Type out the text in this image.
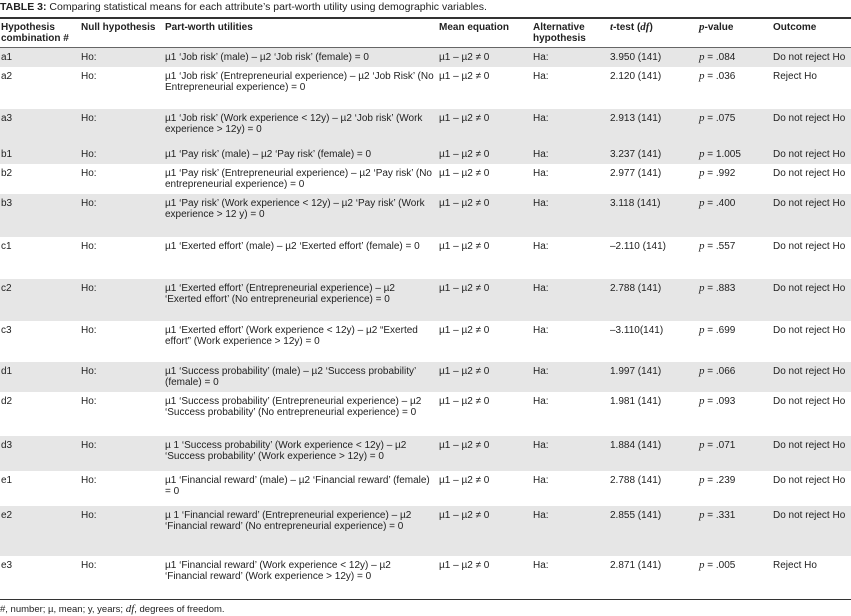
TABLE 3: Comparing statistical means for each attribute’s part-worth utility using demographic variables.
Hypothesis combination #	Null hypothesis	Part-worth utilities	Mean equation	Alternative hypothesis	t-test (df)	p-value	Outcome
a1	Ho:	µ1 ‘Job risk’ (male) – µ2 ‘Job risk’ (female) = 0	µ1 – µ2 ≠ 0	Ha:	3.950 (141)	p = .084	Do not reject Ho
a2	Ho:	µ1 ‘Job risk’ (Entrepreneurial experience) – µ2 ‘Job Risk’ (No Entrepreneurial experience) = 0	µ1 – µ2 ≠ 0	Ha:	2.120 (141)	p = .036	Reject Ho
a3	Ho:	µ1 ‘Job risk’ (Work experience < 12y) – µ2 ‘Job risk’ (Work experience > 12y) = 0	µ1 – µ2 ≠ 0	Ha:	2.913 (141)	p = .075	Do not reject Ho
b1	Ho:	µ1 ‘Pay risk’ (male) – µ2 ‘Pay risk’ (female) = 0	µ1 – µ2 ≠ 0	Ha:	3.237 (141)	p = 1.005	Do not reject Ho
b2	Ho:	µ1 ‘Pay risk’ (Entrepreneurial experience) – µ2 ‘Pay risk’ (No entrepreneurial experience) = 0	µ1 – µ2 ≠ 0	Ha:	2.977 (141)	p = .992	Do not reject Ho
b3	Ho:	µ1 ‘Pay risk’ (Work experience < 12y) – µ2 ‘Pay risk’ (Work experience > 12 y) = 0	µ1 – µ2 ≠ 0	Ha:	3.118 (141)	p = .400	Do not reject Ho
c1	Ho:	µ1 ‘Exerted effort’ (male) – µ2 ‘Exerted effort’ (female) = 0	µ1 – µ2 ≠ 0	Ha:	–2.110 (141)	p = .557	Do not reject Ho
c2	Ho:	µ1 ‘Exerted effort’ (Entrepreneurial experience) – µ2 ‘Exerted effort’ (No entrepreneurial experience) = 0	µ1 – µ2 ≠ 0	Ha:	2.788 (141)	p = .883	Do not reject Ho
c3	Ho:	µ1 ‘Exerted effort’ (Work experience < 12y) – µ2 “Exerted effort” (Work experience > 12y) = 0	µ1 – µ2 ≠ 0	Ha:	–3.110(141)	p = .699	Do not reject Ho
d1	Ho:	µ1 ‘Success probability’ (male) – µ2 ‘Success probability’ (female) = 0	µ1 – µ2 ≠ 0	Ha:	1.997 (141)	p = .066	Do not reject Ho
d2	Ho:	µ1 ‘Success probability’ (Entrepreneurial experience) – µ2 ‘Success probability’ (No entrepreneurial experience) = 0	µ1 – µ2 ≠ 0	Ha:	1.981 (141)	p = .093	Do not reject Ho
d3	Ho:	µ 1 ‘Success probability’ (Work experience < 12y) – µ2 ‘Success probability’ (Work experience > 12y) = 0	µ1 – µ2 ≠ 0	Ha:	1.884 (141)	p = .071	Do not reject Ho
e1	Ho:	µ1 ‘Financial reward’ (male) – µ2 ‘Financial reward’ (female) = 0	µ1 – µ2 ≠ 0	Ha:	2.788 (141)	p = .239	Do not reject Ho
e2	Ho:	µ 1 ‘Financial reward’ (Entrepreneurial experience) – µ2 ‘Financial reward’ (No entrepreneurial experience) = 0	µ1 – µ2 ≠ 0	Ha:	2.855 (141)	p = .331	Do not reject Ho
e3	Ho:	µ1 ‘Financial reward’ (Work experience < 12y) – µ2 ‘Financial reward’ (Work experience > 12y) = 0	µ1 – µ2 ≠ 0	Ha:	2.871 (141)	p = .005	Reject Ho
#, number; µ, mean; y, years; df, degrees of freedom.
